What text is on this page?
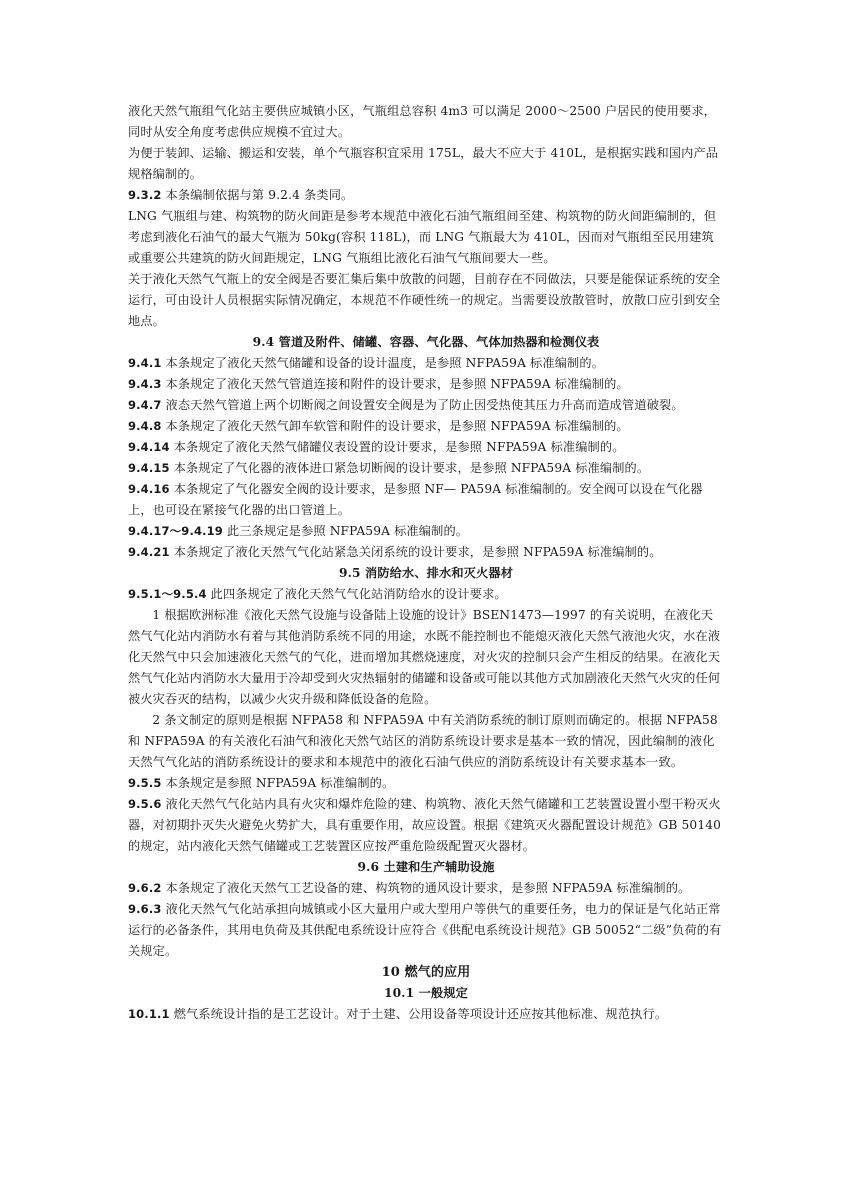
液化天然气瓶组气化站主要供应城镇小区，气瓶组总容积 4m3 可以满足 2000～2500 户居民的使用要求，同时从安全角度考虑供应规模不宜过大。

为便于装卸、运输、搬运和安装，单个气瓶容积宜采用 175L，最大不应大于 410L，是根据实践和国内产品规格编制的。

9.3.2 本条编制依据与第 9.2.4 条类同。

LNG 气瓶组与建、构筑物的防火间距是参考本规范中液化石油气瓶组间至建、构筑物的防火间距编制的，但考虑到液化石油气的最大气瓶为 50kg(容积 118L)，而 LNG 气瓶最大为 410L，因而对气瓶组至民用建筑或重要公共建筑的防火间距规定，LNG 气瓶组比液化石油气气瓶间要大一些。

关于液化天然气气瓶上的安全阀是否要汇集后集中放散的问题，目前存在不同做法，只要是能保证系统的安全运行，可由设计人员根据实际情况确定，本规范不作硬性统一的规定。当需要设放散管时，放散口应引到安全地点。

9.4 管道及附件、储罐、容器、气化器、气体加热器和检测仪表

9.4.1 本条规定了液化天然气储罐和设备的设计温度，是参照 NFPA59A 标准编制的。

9.4.3 本条规定了液化天然气管道连接和附件的设计要求，是参照 NFPA59A 标准编制的。

9.4.7 液态天然气管道上两个切断阀之间设置安全阀是为了防止因受热使其压力升高而造成管道破裂。

9.4.8 本条规定了液化天然气卸车软管和附件的设计要求，是参照 NFPA59A 标准编制的。

9.4.14 本条规定了液化天然气储罐仪表设置的设计要求，是参照 NFPA59A 标准编制的。

9.4.15 本条规定了气化器的液体进口紧急切断阀的设计要求，是参照 NFPA59A 标准编制的。

9.4.16 本条规定了气化器安全阀的设计要求，是参照 NF— PA59A 标准编制的。安全阀可以设在气化器上，也可设在紧接气化器的出口管道上。

9.4.17～9.4.19 此三条规定是参照 NFPA59A 标准编制的。

9.4.21 本条规定了液化天然气气化站紧急关闭系统的设计要求，是参照 NFPA59A 标准编制的。

9.5 消防给水、排水和灭火器材

9.5.1～9.5.4 此四条规定了液化天然气气化站消防给水的设计要求。

1 根据欧洲标准《液化天然气设施与设备陆上设施的设计》BSEN1473—1997 的有关说明，在液化天然气气化站内消防水有着与其他消防系统不同的用途，水既不能控制也不能熄灭液化天然气液池火灾，水在液化天然气中只会加速液化天然气的气化，进而增加其燃烧速度，对火灾的控制只会产生相反的结果。在液化天然气气化站内消防水大量用于冷却受到火灾热辐射的储罐和设备或可能以其他方式加剧液化天然气火灾的任何被火灾吞灭的结构，以减少火灾升级和降低设备的危险。

2 条文制定的原则是根据 NFPA58 和 NFPA59A 中有关消防系统的制订原则而确定的。根据 NFPA58 和 NFPA59A 的有关液化石油气和液化天然气站区的消防系统设计要求是基本一致的情况，因此编制的液化天然气气化站的消防系统设计的要求和本规范中的液化石油气供应的消防系统设计有关要求基本一致。

9.5.5 本条规定是参照 NFPA59A 标准编制的。

9.5.6 液化天然气气化站内具有火灾和爆炸危险的建、构筑物、液化天然气储罐和工艺装置设置小型干粉灭火器，对初期扑灭失火避免火势扩大，具有重要作用，故应设置。根据《建筑灭火器配置设计规范》GB 50140 的规定，站内液化天然气储罐或工艺装置区应按严重危险级配置灭火器材。

9.6 土建和生产辅助设施

9.6.2 本条规定了液化天然气工艺设备的建、构筑物的通风设计要求，是参照 NFPA59A 标准编制的。

9.6.3 液化天然气气化站承担向城镇或小区大量用户或大型用户等供气的重要任务，电力的保证是气化站正常运行的必备条件，其用电负荷及其供配电系统设计应符合《供配电系统设计规范》GB 50052“二级”负荷的有关规定。

10 燃气的应用

10.1 一般规定

10.1.1 燃气系统设计指的是工艺设计。对于土建、公用设备等项设计还应按其他标准、规范执行。
